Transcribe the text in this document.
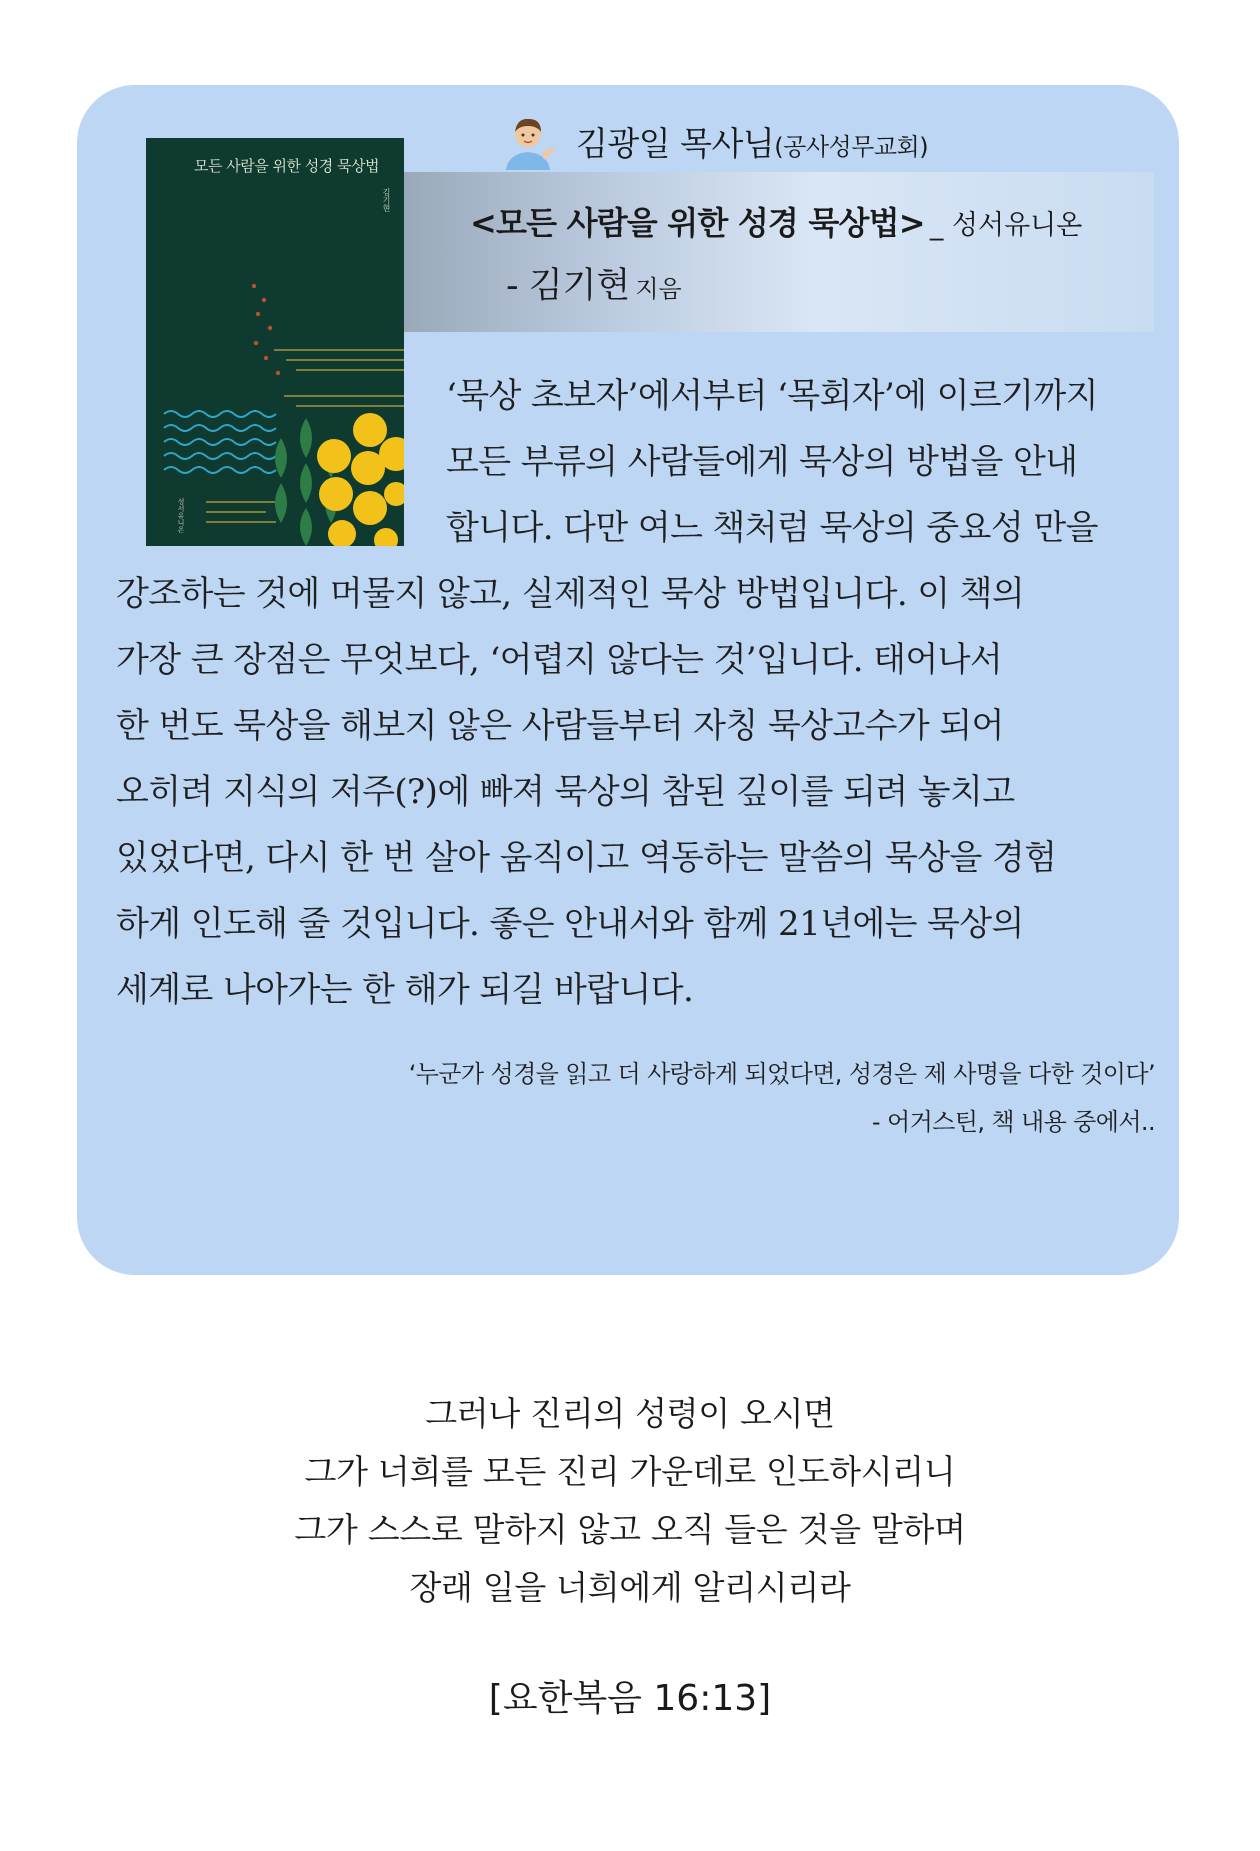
모든 사람을 위한 성경 묵상법
김기현
성서유니온
김광일 목사님(공사성무교회)
<모든 사람을 위한 성경 묵상법> _ 성서유니온
- 김기현 지음
‘묵상 초보자’에서부터 ‘목회자’에 이르기까지
모든 부류의 사람들에게 묵상의 방법을 안내
합니다. 다만 여느 책처럼 묵상의 중요성 만을
강조하는 것에 머물지 않고, 실제적인 묵상 방법입니다. 이 책의
가장 큰 장점은 무엇보다, ‘어렵지 않다는 것’입니다. 태어나서
한 번도 묵상을 해보지 않은 사람들부터 자칭 묵상고수가 되어
오히려 지식의 저주(?)에 빠져 묵상의 참된 깊이를 되려 놓치고
있었다면, 다시 한 번 살아 움직이고 역동하는 말씀의 묵상을 경험
하게 인도해 줄 것입니다. 좋은 안내서와 함께 21년에는 묵상의
세계로 나아가는 한 해가 되길 바랍니다.
‘누군가 성경을 읽고 더 사랑하게 되었다면, 성경은 제 사명을 다한 것이다’
- 어거스틴, 책 내용 중에서..
그러나 진리의 성령이 오시면
그가 너희를 모든 진리 가운데로 인도하시리니
그가 스스로 말하지 않고 오직 들은 것을 말하며
장래 일을 너희에게 알리시리라
[요한복음 16:13]
